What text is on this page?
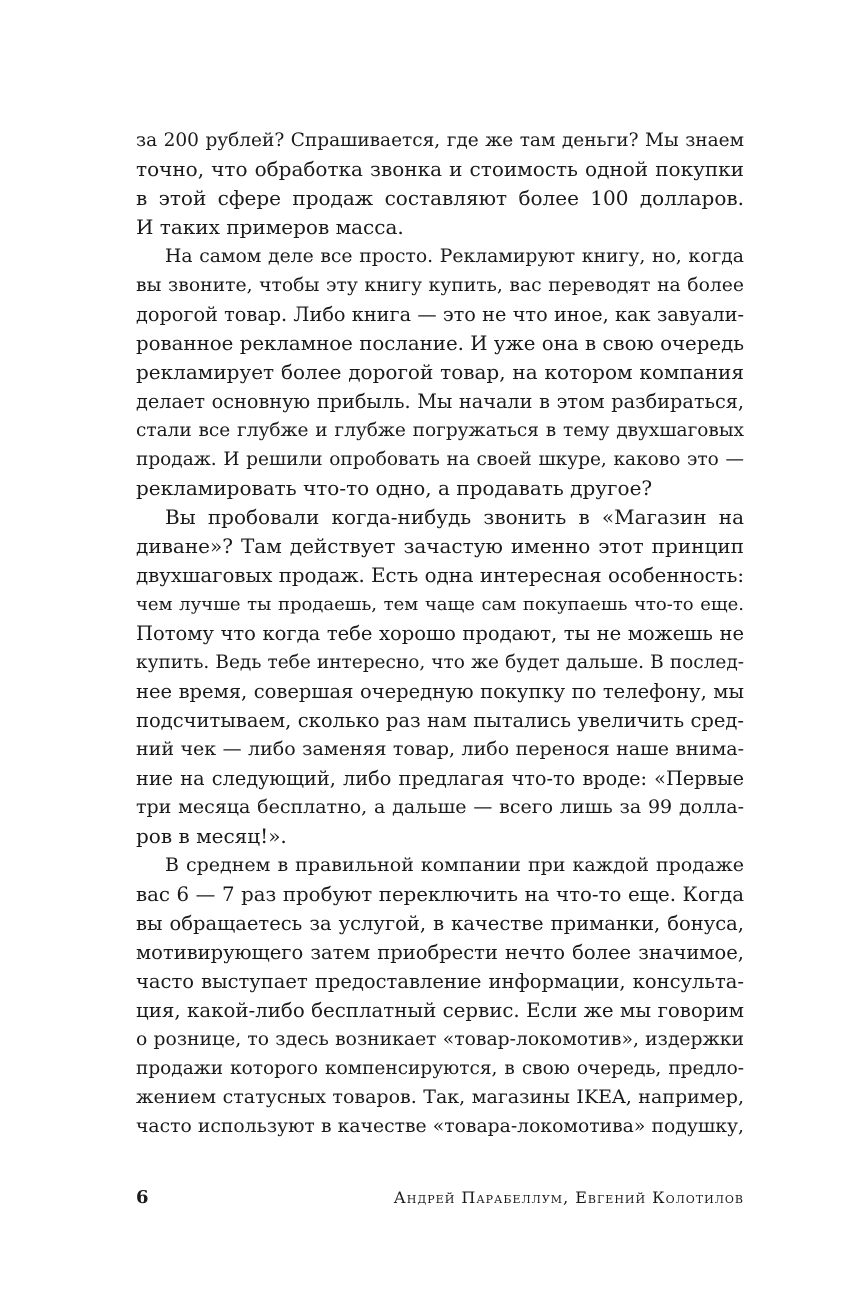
за 200 рублей? Спрашивается, где же там деньги? Мы знаем
точно, что обработка звонка и стоимость одной покупки
в этой сфере продаж составляют более 100 долларов.
И таких примеров масса.
На самом деле все просто. Рекламируют книгу, но, когда
вы звоните, чтобы эту книгу купить, вас переводят на более
дорогой товар. Либо книга — это не что иное, как завуали-
рованное рекламное послание. И уже она в свою очередь
рекламирует более дорогой товар, на котором компания
делает основную прибыль. Мы начали в этом разбираться,
стали все глубже и глубже погружаться в тему двухшаговых
продаж. И решили опробовать на своей шкуре, каково это —
рекламировать что-то одно, а продавать другое?
Вы пробовали когда-нибудь звонить в «Магазин на
диване»? Там действует зачастую именно этот принцип
двухшаговых продаж. Есть одна интересная особенность:
чем лучше ты продаешь, тем чаще сам покупаешь что-то еще.
Потому что когда тебе хорошо продают, ты не можешь не
купить. Ведь тебе интересно, что же будет дальше. В послед-
нее время, совершая очередную покупку по телефону, мы
подсчитываем, сколько раз нам пытались увеличить сред-
ний чек — либо заменяя товар, либо перенося наше внима-
ние на следующий, либо предлагая что-то вроде: «Первые
три месяца бесплатно, а дальше — всего лишь за 99 долла-
ров в месяц!».
В среднем в правильной компании при каждой продаже
вас 6 — 7 раз пробуют переключить на что-то еще. Когда
вы обращаетесь за услугой, в качестве приманки, бонуса,
мотивирующего затем приобрести нечто более значимое,
часто выступает предоставление информации, консульта-
ция, какой-либо бесплатный сервис. Если же мы говорим
о рознице, то здесь возникает «товар-локомотив», издержки
продажи которого компенсируются, в свою очередь, предло-
жением статусных товаров. Так, магазины IKEA, например,
часто используют в качестве «товара-локомотива» подушку,
6	Андрей Парабеллум, Евгений Колотилов
